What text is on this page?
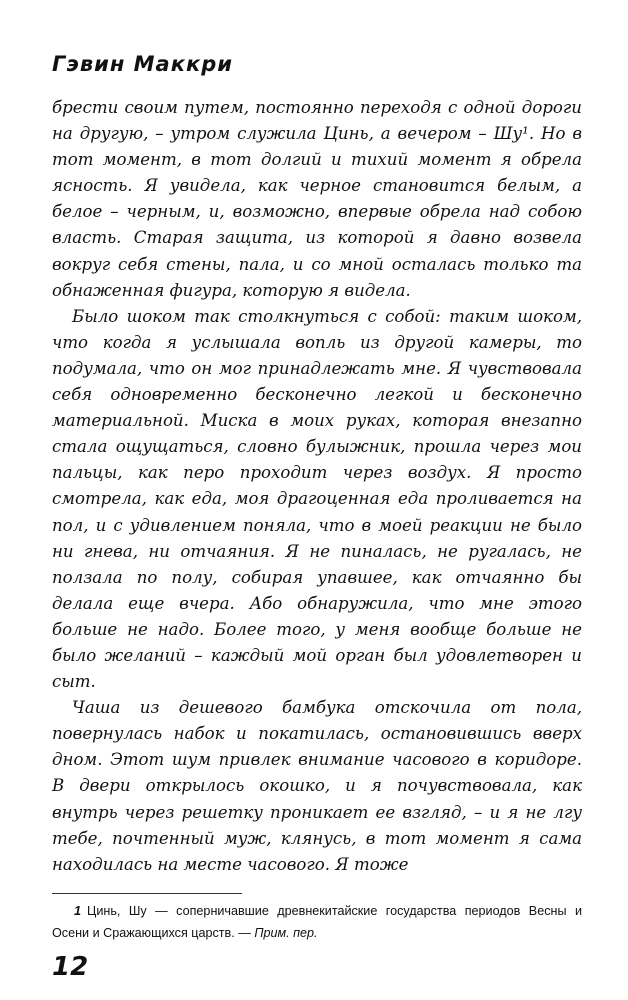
Гэвин Маккри

брести своим путем, постоянно переходя с одной дороги на другую, – утром служила Цинь, а вечером – Шу¹. Но в тот момент, в тот долгий и тихий момент я обрела ясность. Я увидела, как черное становится белым, а белое – черным, и, возможно, впервые обрела над собою власть. Старая защита, из которой я давно возвела вокруг себя стены, пала, и со мной осталась только та обнаженная фигура, которую я видела.

Было шоком так столкнуться с собой: таким шоком, что когда я услышала вопль из другой камеры, то подумала, что он мог принадлежать мне. Я чувствовала себя одновременно бесконечно легкой и бесконечно материальной. Миска в моих руках, которая внезапно стала ощущаться, словно булыжник, прошла через мои пальцы, как перо проходит через воздух. Я просто смотрела, как еда, моя драгоценная еда проливается на пол, и с удивлением поняла, что в моей реакции не было ни гнева, ни отчаяния. Я не пиналась, не ругалась, не ползала по полу, собирая упавшее, как отчаянно бы делала еще вчера. Або обнаружила, что мне этого больше не надо. Более того, у меня вообще больше не было желаний – каждый мой орган был удовлетворен и сыт.

Чаша из дешевого бамбука отскочила от пола, повернулась набок и покатилась, остановившись вверх дном. Этот шум привлек внимание часового в коридоре. В двери открылось окошко, и я почувствовала, как внутрь через решетку проникает ее взгляд, – и я не лгу тебе, почтенный муж, клянусь, в тот момент я сама находилась на месте часового. Я тоже

1 Цинь, Шу — соперничавшие древнекитайские государства периодов Весны и Осени и Сражающихся царств. — Прим. пер.
12
